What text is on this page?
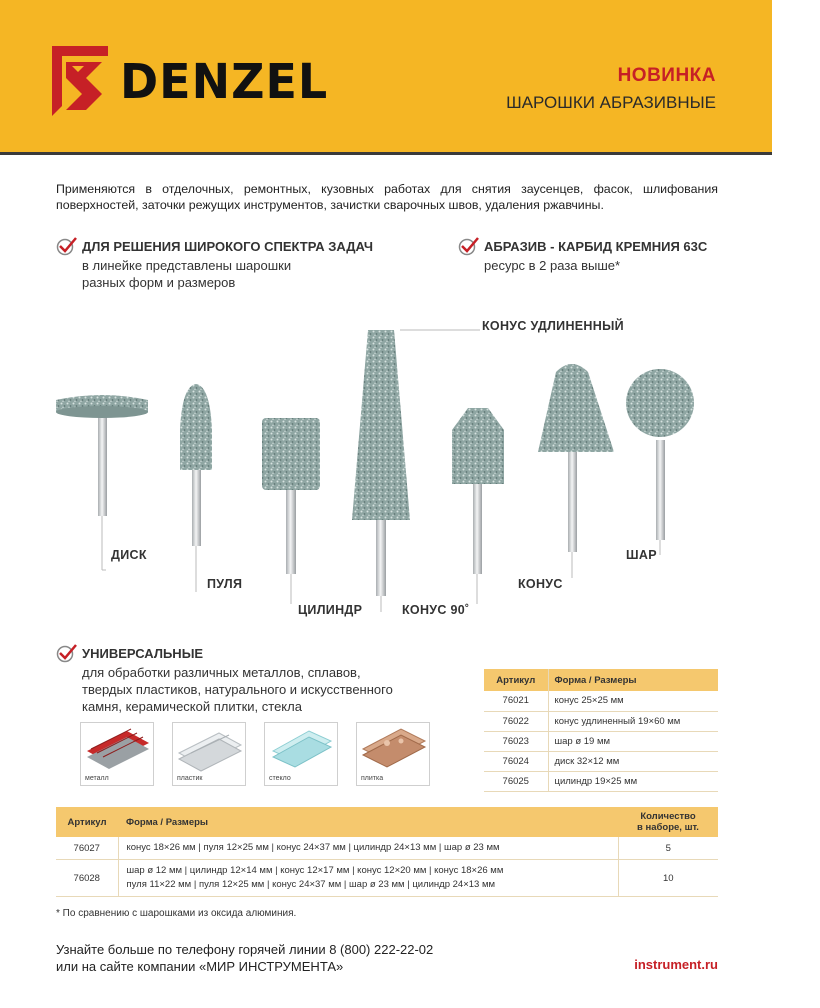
DENZEL	НОВИНКА
ШАРОШКИ АБРАЗИВНЫЕ
Применяются в отделочных, ремонтных, кузовных работах для снятия заусенцев, фасок, шлифования поверхностей, заточки режущих инструментов, зачистки сварочных швов, удаления ржавчины.
ДЛЯ РЕШЕНИЯ ШИРОКОГО СПЕКТРА ЗАДАЧ
в линейке представлены шарошки
разных форм и размеров
АБРАЗИВ - КАРБИД КРЕМНИЯ 63С
ресурс в 2 раза выше*
КОНУС УДЛИНЕННЫЙ
ДИСК
ПУЛЯ
ЦИЛИНДР	КОНУС 90˚
КОНУС
ШАР
УНИВЕРСАЛЬНЫЕ
для обработки различных металлов, сплавов,
твердых пластиков, натурального и искусственного
камня, керамической плитки, стекла
металл	пластик	стекло	плитка
Артикул	Форма / Размеры
76021	конус 25×25 мм
76022	конус удлиненный 19×60 мм
76023	шар ø 19 мм
76024	диск 32×12 мм
76025	цилиндр 19×25 мм
Артикул	Форма / Размеры	Количество
в наборе, шт.
76027	конус 18×26 мм | пуля 12×25 мм | конус 24×37 мм | цилиндр 24×13 мм | шар ø 23 мм	5
76028	шар ø 12 мм | цилиндр 12×14 мм | конус 12×17 мм | конус 12×20 мм | конус 18×26 мм
пуля 11×22 мм | пуля 12×25 мм | конус 24×37 мм | шар ø 23 мм | цилиндр 24×13 мм	10
* По сравнению с шарошками из оксида алюминия.
Узнайте больше по телефону горячей линии 8 (800) 222-22-02
или на сайте компании «МИР ИНСТРУМЕНТА»	instrument.ru
